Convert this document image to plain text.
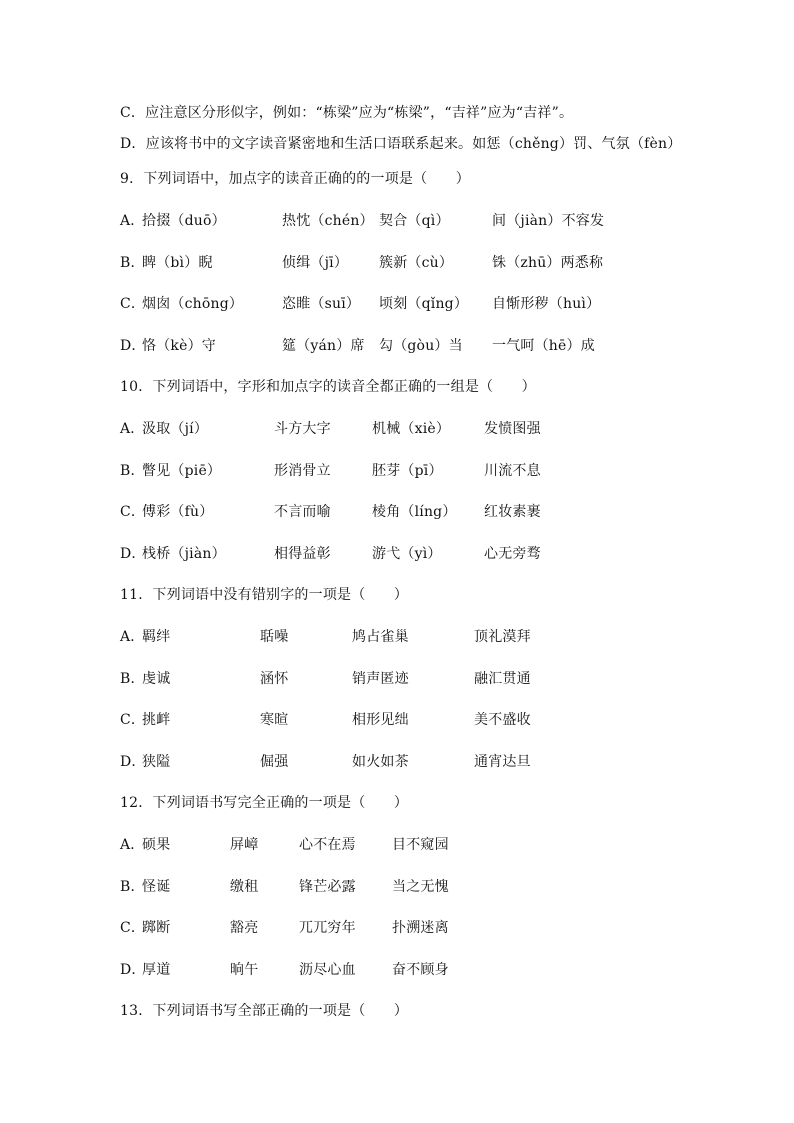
C．应注意区分形似字，例如：“栋梁”应为“栋梁”，“吉祥”应为“吉祥”。
D．应该将书中的文字读音紧密地和生活口语联系起来。如惩（chěng）罚、气氛（fèn）
9．下列词语中，加点字的读音正确的的一项是（　　）
A．
拾掇（duō）	热忱（chén） 契合（qì）	间（jiàn）不容发
B．
睥（bì）睨	侦缉（jī） 簇新（cù）	铢（zhū）两悉称
C．
烟囱（chōng）	恣睢（suī） 顷刻（qǐng） 自惭形秽（huì）
D．
恪（kè）守	筵（yán）席 勾（gòu）当 一气呵（hē）成
10．下列词语中，字形和加点字的读音全都正确的一组是（　　）
A．
汲取（jí）	斗方大字	机械（xiè） 发愤图强
B．
瞥见（piē）	形消骨立	胚芽（pī）	川流不息
C．
傅彩（fù）	不言而喻	棱角（líng） 红妆素裹
D．
栈桥（jiàn）	相得益彰	游弋（yì）	心无旁骛
11．下列词语中没有错别字的一项是（　　）
A．
羁绊	聒噪	鸠占雀巢	顶礼漠拜
B．
虔诚	涵怀	销声匿迹	融汇贯通
C．
挑衅	寒暄	相形见绌	美不盛收
D．
狭隘	倔强	如火如茶	通宵达旦
12．下列词语书写完全正确的一项是（　　）
A．
硕果	屏嶂	心不在焉	目不窥园
B．
怪诞	缴租	锋芒必露	当之无愧
C．
踯断	豁亮	兀兀穷年	扑溯迷离
D．
厚道	晌午	沥尽心血	奋不顾身
13．下列词语书写全部正确的一项是（　　）
